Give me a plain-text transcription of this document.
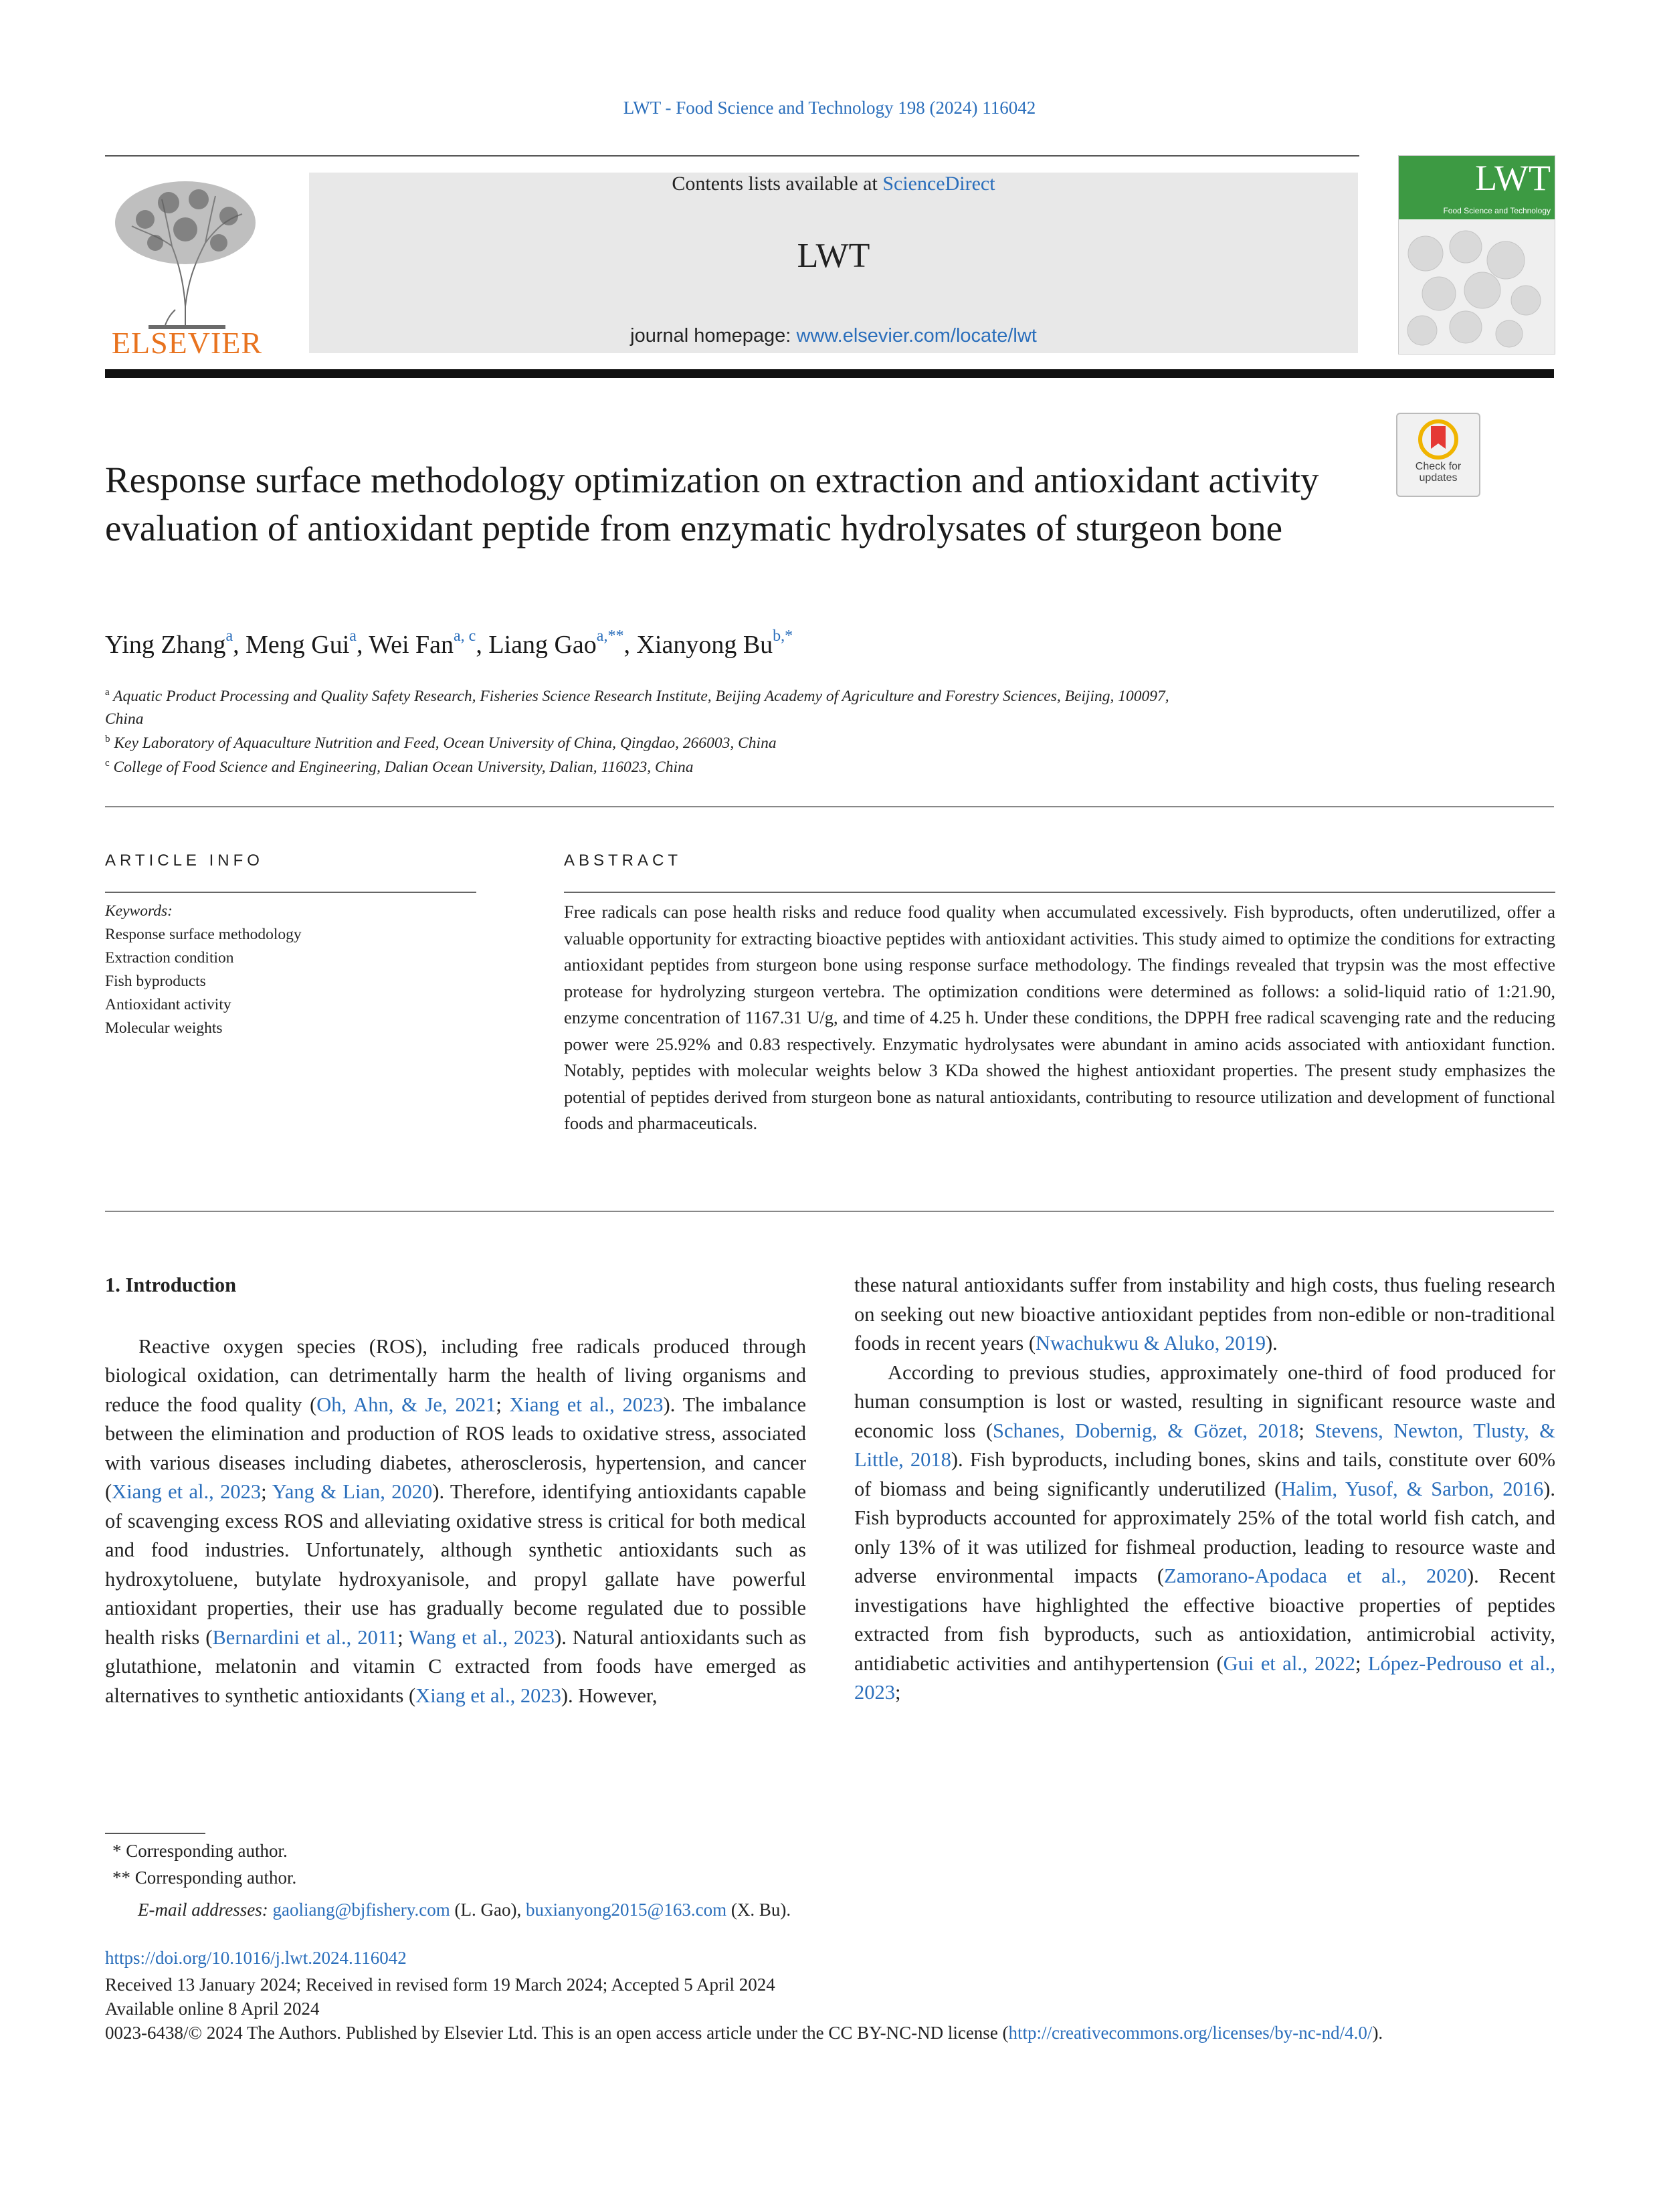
LWT - Food Science and Technology 198 (2024) 116042
ELSEVIER
Contents lists available at ScienceDirect
LWT
journal homepage: www.elsevier.com/locate/lwt
LWT
Food Science and Technology
Response surface methodology optimization on extraction and antioxidant activity evaluation of antioxidant peptide from enzymatic hydrolysates of sturgeon bone
Check for updates
Ying Zhang$^a$, Meng Gui$^a$, Wei Fan$^{a, c}$, Liang Gao$^{a,**}$, Xianyong $Bu^{b,*}$
$^a$ Aquatic Product Processing and Quality Safety Research, Fisheries Science Research Institute, Beijing Academy of Agriculture and Forestry Sciences, Beijing, 100097,
China
$^b$ Key Laboratory of Aquaculture Nutrition and Feed, Ocean University of China, Qingdao, 266003, China
$^c$ College of Food Science and Engineering, Dalian Ocean University, Dalian, 116023, China
ARTICLE INFO	ABSTRACT
Keywords:
Response surface methodology
Extraction condition
Fish byproducts
Antioxidant activity
Molecular weights

Free radicals can pose health risks and reduce food quality when accumulated excessively. Fish byproducts, often underutilized, offer a valuable opportunity for extracting bioactive peptides with antioxidant activities. This study aimed to optimize the conditions for extracting antioxidant peptides from sturgeon bone using response surface methodology. The findings revealed that trypsin was the most effective protease for hydrolyzing sturgeon vertebra. The optimization conditions were determined as follows: a solid-liquid ratio of 1:21.90, enzyme concentration of 1167.31 U/g, and time of 4.25 h. Under these conditions, the DPPH free radical scavenging rate and the reducing power were 25.92% and 0.83 respectively. Enzymatic hydrolysates were abundant in amino acids associated with antioxidant function. Notably, peptides with molecular weights below 3 KDa showed the highest antioxidant properties. The present study emphasizes the potential of peptides derived from sturgeon bone as natural antioxidants, contributing to resource utilization and development of functional foods and pharmaceuticals.

1. Introduction

Reactive oxygen species (ROS), including free radicals produced through biological oxidation, can detrimentally harm the health of living organisms and reduce the food quality (Oh, Ahn, & Je, 2021; Xiang et al., 2023). The imbalance between the elimination and production of ROS leads to oxidative stress, associated with various diseases including diabetes, atherosclerosis, hypertension, and cancer (Xiang et al., 2023; Yang & Lian, 2020). Therefore, identifying antioxidants capable of scavenging excess ROS and alleviating oxidative stress is critical for both medical and food industries. Unfortunately, although synthetic antioxidants such as hydroxytoluene, butylate hydroxyanisole, and propyl gallate have powerful antioxidant properties, their use has gradually become regulated due to possible health risks (Bernardini et al., 2011; Wang et al., 2023). Natural antioxidants such as glutathione, melatonin and vitamin C extracted from foods have emerged as alternatives to synthetic antioxidants (Xiang et al., 2023). However,

these natural antioxidants suffer from instability and high costs, thus fueling research on seeking out new bioactive antioxidant peptides from non-edible or non-traditional foods in recent years (Nwachukwu & Aluko, 2019).

According to previous studies, approximately one-third of food produced for human consumption is lost or wasted, resulting in significant resource waste and economic loss (Schanes, Dobernig, & Gözet, 2018; Stevens, Newton, Tlusty, & Little, 2018). Fish byproducts, including bones, skins and tails, constitute over 60% of biomass and being significantly underutilized (Halim, Yusof, & Sarbon, 2016). Fish byproducts accounted for approximately 25% of the total world fish catch, and only 13% of it was utilized for fishmeal production, leading to resource waste and adverse environmental impacts (Zamorano-Apodaca et al., 2020). Recent investigations have highlighted the effective bioactive properties of peptides extracted from fish byproducts, such as antioxidation, antimicrobial activity, antidiabetic activities and antihypertension (Gui et al., 2022; López-Pedrouso et al., 2023;

* Corresponding author.
** Corresponding author.
E-mail addresses: gaoliang@bjfishery.com (L. Gao), buxianyong2015@163.com (X. Bu).
https://doi.org/10.1016/j.lwt.2024.116042
Received 13 January 2024; Received in revised form 19 March 2024; Accepted 5 April 2024
Available online 8 April 2024
0023-6438/© 2024 The Authors. Published by Elsevier Ltd. This is an open access article under the CC BY-NC-ND license (http://creativecommons.org/licenses/by-nc-nd/4.0/).
